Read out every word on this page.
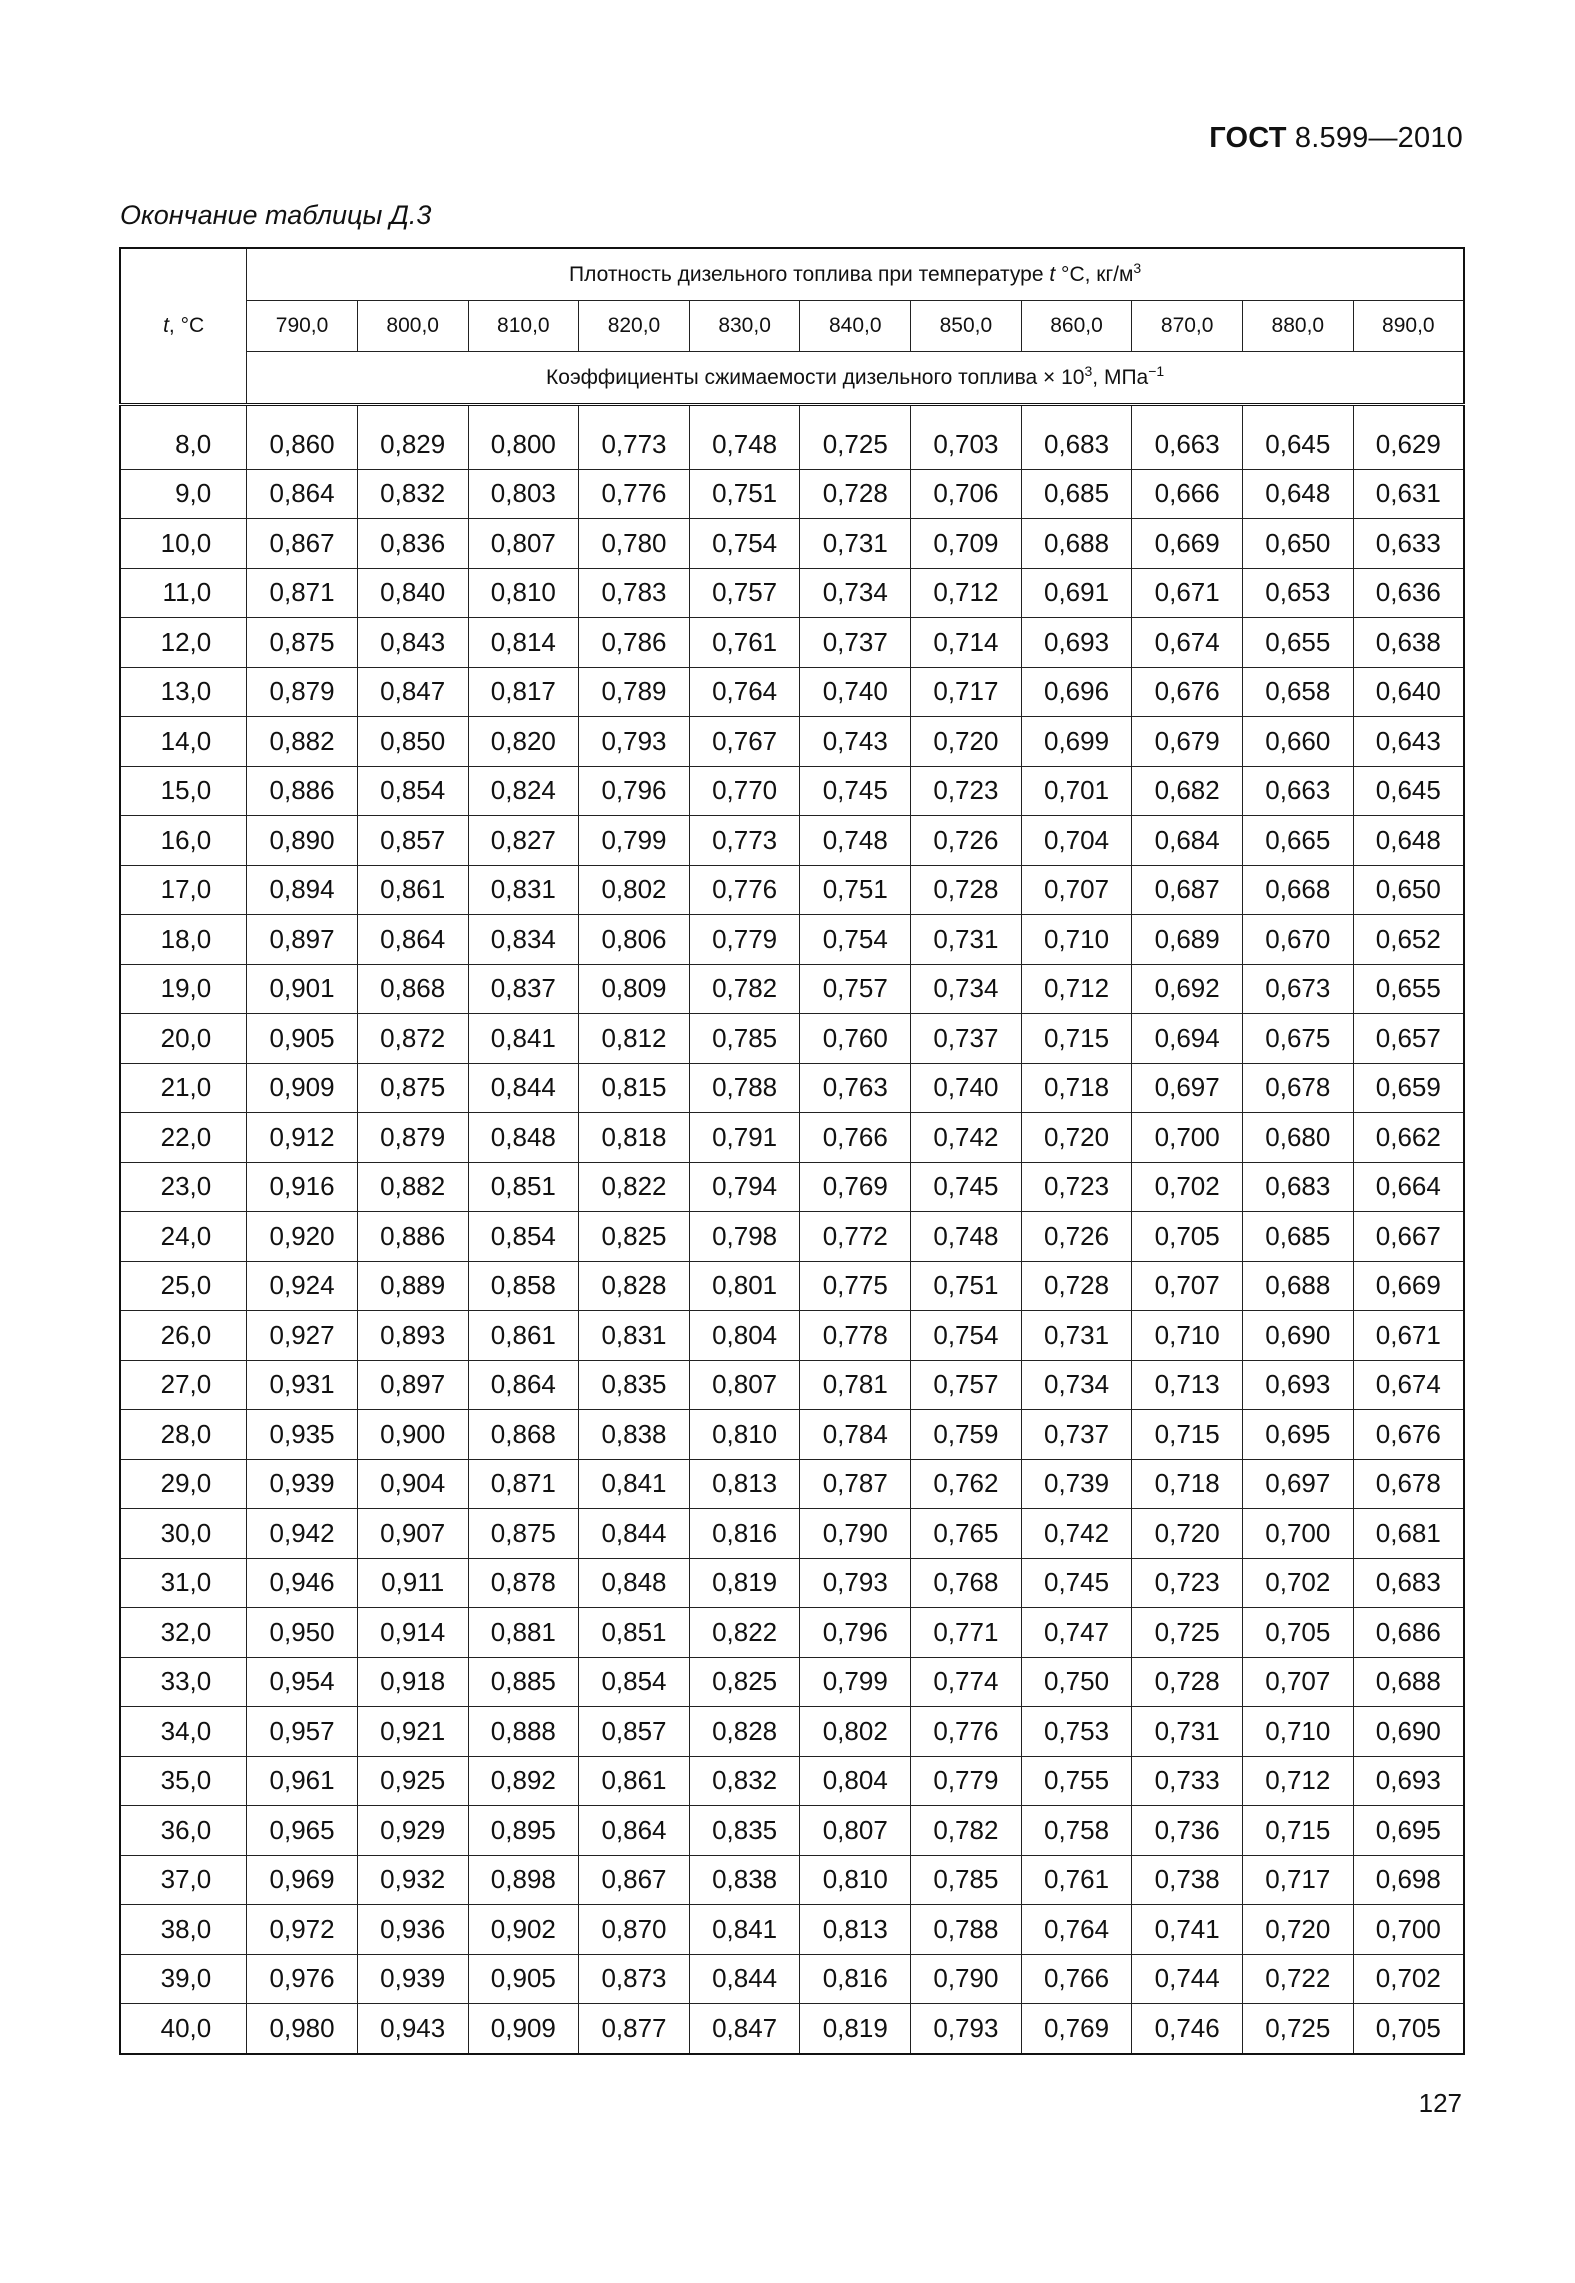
ГОСТ 8.599—2010
Окончание таблицы Д.3
t, °С	Плотность дизельного топлива при температуре t °С, $кг/м^3$
	790,0	800,0	810,0	820,0	830,0	840,0	850,0	860,0	870,0	880,0	890,0
	Коэффициенты сжимаемости дизельного топлива × $10^3$, МПа$^{-1}$

8,0	0,860	0,829	0,800	0,773	0,748	0,725	0,703	0,683	0,663	0,645	0,629
9,0	0,864	0,832	0,803	0,776	0,751	0,728	0,706	0,685	0,666	0,648	0,631
10,0	0,867	0,836	0,807	0,780	0,754	0,731	0,709	0,688	0,669	0,650	0,633
11,0	0,871	0,840	0,810	0,783	0,757	0,734	0,712	0,691	0,671	0,653	0,636
12,0	0,875	0,843	0,814	0,786	0,761	0,737	0,714	0,693	0,674	0,655	0,638
13,0	0,879	0,847	0,817	0,789	0,764	0,740	0,717	0,696	0,676	0,658	0,640
14,0	0,882	0,850	0,820	0,793	0,767	0,743	0,720	0,699	0,679	0,660	0,643
15,0	0,886	0,854	0,824	0,796	0,770	0,745	0,723	0,701	0,682	0,663	0,645
16,0	0,890	0,857	0,827	0,799	0,773	0,748	0,726	0,704	0,684	0,665	0,648
17,0	0,894	0,861	0,831	0,802	0,776	0,751	0,728	0,707	0,687	0,668	0,650
18,0	0,897	0,864	0,834	0,806	0,779	0,754	0,731	0,710	0,689	0,670	0,652
19,0	0,901	0,868	0,837	0,809	0,782	0,757	0,734	0,712	0,692	0,673	0,655
20,0	0,905	0,872	0,841	0,812	0,785	0,760	0,737	0,715	0,694	0,675	0,657
21,0	0,909	0,875	0,844	0,815	0,788	0,763	0,740	0,718	0,697	0,678	0,659
22,0	0,912	0,879	0,848	0,818	0,791	0,766	0,742	0,720	0,700	0,680	0,662
23,0	0,916	0,882	0,851	0,822	0,794	0,769	0,745	0,723	0,702	0,683	0,664
24,0	0,920	0,886	0,854	0,825	0,798	0,772	0,748	0,726	0,705	0,685	0,667
25,0	0,924	0,889	0,858	0,828	0,801	0,775	0,751	0,728	0,707	0,688	0,669
26,0	0,927	0,893	0,861	0,831	0,804	0,778	0,754	0,731	0,710	0,690	0,671
27,0	0,931	0,897	0,864	0,835	0,807	0,781	0,757	0,734	0,713	0,693	0,674
28,0	0,935	0,900	0,868	0,838	0,810	0,784	0,759	0,737	0,715	0,695	0,676
29,0	0,939	0,904	0,871	0,841	0,813	0,787	0,762	0,739	0,718	0,697	0,678
30,0	0,942	0,907	0,875	0,844	0,816	0,790	0,765	0,742	0,720	0,700	0,681
31,0	0,946	0,911	0,878	0,848	0,819	0,793	0,768	0,745	0,723	0,702	0,683
32,0	0,950	0,914	0,881	0,851	0,822	0,796	0,771	0,747	0,725	0,705	0,686
33,0	0,954	0,918	0,885	0,854	0,825	0,799	0,774	0,750	0,728	0,707	0,688
34,0	0,957	0,921	0,888	0,857	0,828	0,802	0,776	0,753	0,731	0,710	0,690
35,0	0,961	0,925	0,892	0,861	0,832	0,804	0,779	0,755	0,733	0,712	0,693
36,0	0,965	0,929	0,895	0,864	0,835	0,807	0,782	0,758	0,736	0,715	0,695
37,0	0,969	0,932	0,898	0,867	0,838	0,810	0,785	0,761	0,738	0,717	0,698
38,0	0,972	0,936	0,902	0,870	0,841	0,813	0,788	0,764	0,741	0,720	0,700
39,0	0,976	0,939	0,905	0,873	0,844	0,816	0,790	0,766	0,744	0,722	0,702
40,0	0,980	0,943	0,909	0,877	0,847	0,819	0,793	0,769	0,746	0,725	0,705
127
